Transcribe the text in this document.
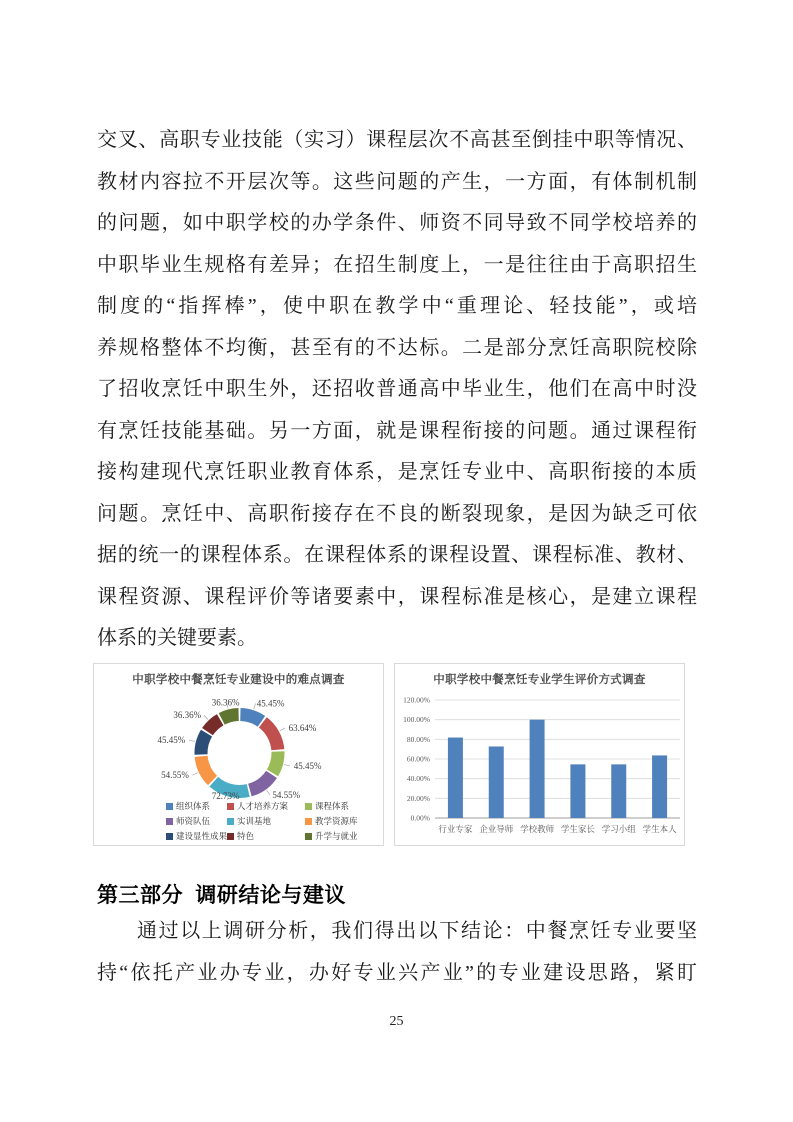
交叉、高职专业技能（实习）课程层次不高甚至倒挂中职等情况、
教材内容拉不开层次等。这些问题的产生，一方面，有体制机制
的问题，如中职学校的办学条件、师资不同导致不同学校培养的
中职毕业生规格有差异；在招生制度上，一是往往由于高职招生
制度的“指挥棒”，使中职在教学中“重理论、轻技能”，或培
养规格整体不均衡，甚至有的不达标。二是部分烹饪高职院校除
了招收烹饪中职生外，还招收普通高中毕业生，他们在高中时没
有烹饪技能基础。另一方面，就是课程衔接的问题。通过课程衔
接构建现代烹饪职业教育体系，是烹饪专业中、高职衔接的本质
问题。烹饪中、高职衔接存在不良的断裂现象，是因为缺乏可依
据的统一的课程体系。在课程体系的课程设置、课程标准、教材、
课程资源、课程评价等诸要素中，课程标准是核心，是建立课程
体系的关键要素。
中职学校中餐烹饪专业建设中的难点调查
45.45%
63.64%
45.45%
54.55%
72.73%
54.55%
45.45%
36.36%
36.36%
组织体系	人才培养方案	课程体系
师资队伍	实训基地	教学资源库
建设显性成果 特色	升学与就业
中职学校中餐烹饪专业学生评价方式调查
0.00%
20.00%
40.00%
60.00%
80.00%
100.00%
120.00%
行业专家 企业导师 学校教师 学生家长 学习小组 学生本人
第三部分 调研结论与建议
通过以上调研分析，我们得出以下结论：中餐烹饪专业要坚
持“依托产业办专业，办好专业兴产业”的专业建设思路，紧盯
25
